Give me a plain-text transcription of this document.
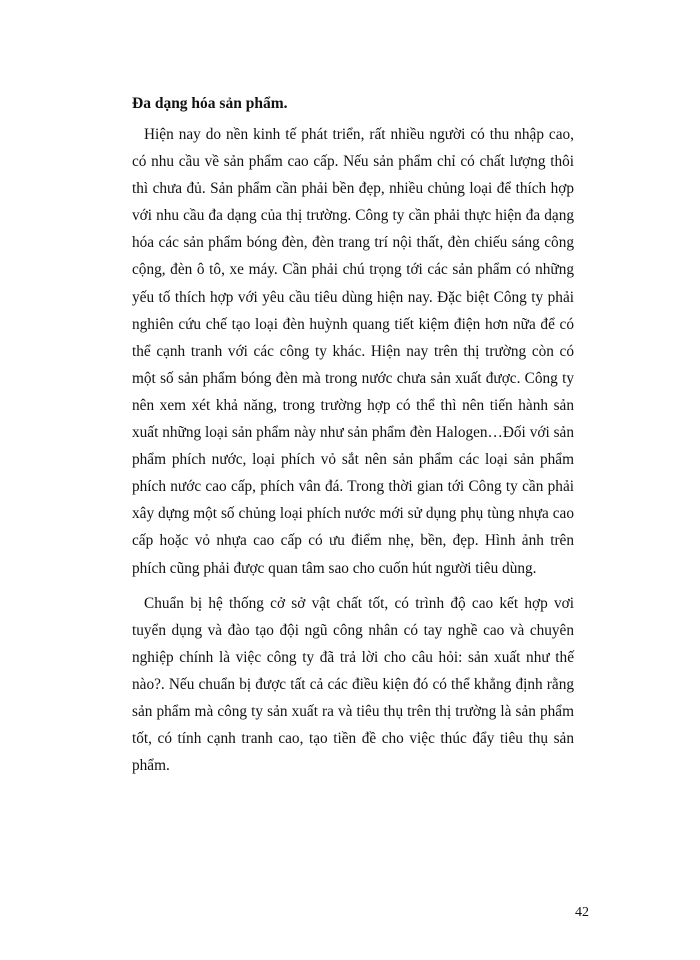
Đa dạng hóa sản phẩm.

Hiện nay do nền kinh tế phát triển, rất nhiều người có thu nhập cao, có nhu cầu về sản phẩm cao cấp. Nếu sản phẩm chỉ có chất lượng thôi thì chưa đủ. Sản phẩm cần phải bền đẹp, nhiều chủng loại để thích hợp với nhu cầu đa dạng của thị trường. Công ty cần phải thực hiện đa dạng hóa các sản phẩm bóng đèn, đèn trang trí nội thất, đèn chiếu sáng công cộng, đèn ô tô, xe máy. Cần phải chú trọng tới các sản phẩm có những yếu tố thích hợp với yêu cầu tiêu dùng hiện nay. Đặc biệt Công ty phải nghiên cứu chế tạo loại đèn huỳnh quang tiết kiệm điện hơn nữa để có thể cạnh tranh với các công ty khác. Hiện nay trên thị trường còn có một số sản phẩm bóng đèn mà trong nước chưa sản xuất được. Công ty nên xem xét khả năng, trong trường hợp có thể thì nên tiến hành sản xuất những loại sản phẩm này như sản phẩm đèn Halogen…Đối với sản phẩm phích nước, loại phích vỏ sắt nên sản phẩm các loại sản phẩm phích nước cao cấp, phích vân đá. Trong thời gian tới Công ty cần phải xây dựng một số chủng loại phích nước mới sử dụng phụ tùng nhựa cao cấp hoặc vỏ nhựa cao cấp có ưu điểm nhẹ, bền, đẹp. Hình ảnh trên phích cũng phải được quan tâm sao cho cuốn hút người tiêu dùng.

Chuẩn bị hệ thống cở sở vật chất tốt, có trình độ cao kết hợp vơi tuyển dụng và đào tạo đội ngũ công nhân có tay nghề cao và chuyên nghiệp chính là việc công ty đã trả lời cho câu hỏi: sản xuất như thế nào?. Nếu chuẩn bị được tất cả các điều kiện đó có thể khẳng định rằng sản phẩm mà công ty sản xuất ra và tiêu thụ trên thị trường là sản phẩm tốt, có tính cạnh tranh cao, tạo tiền đề cho việc thúc đẩy tiêu thụ sản phẩm.

42
